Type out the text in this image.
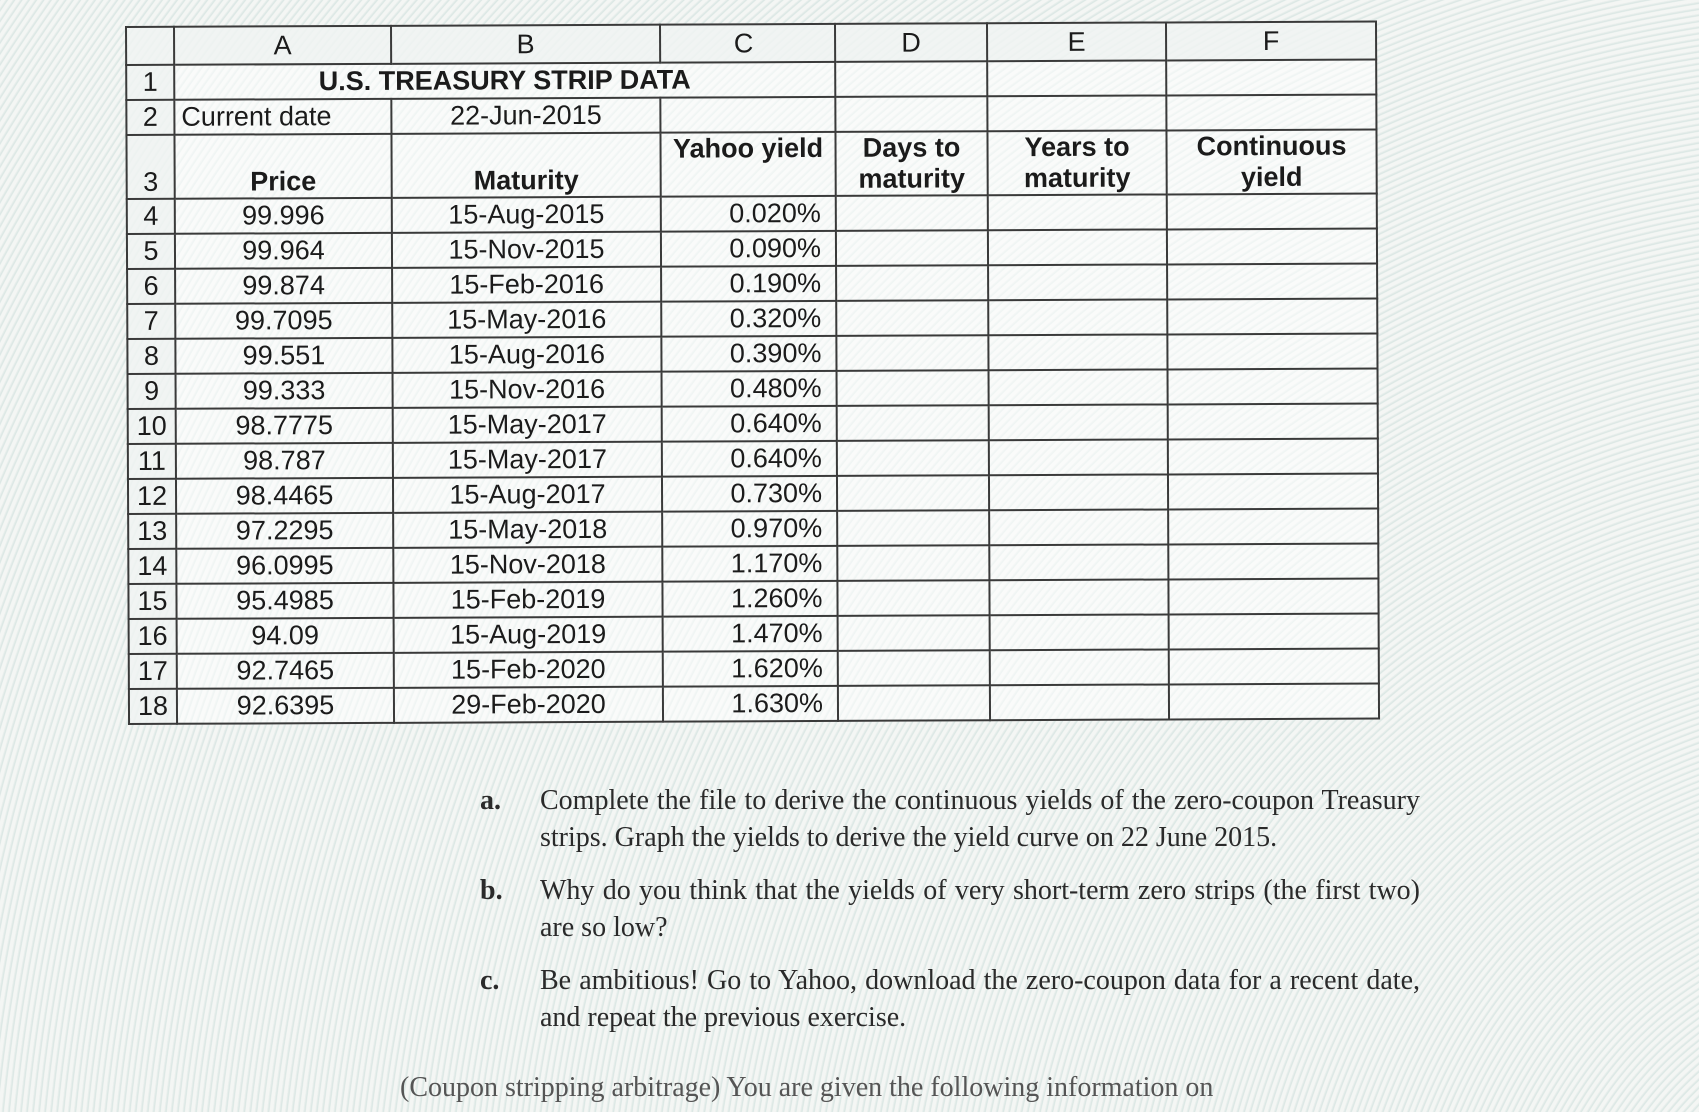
	A	B	C	D	E	F
1	U.S. TREASURY STRIP DATA					
2	Current date	22-Jun-2015				
3	Price	Maturity	Yahoo yield	Days to maturity	Years to maturity	Continuous yield
4	99.996	15-Aug-2015	0.020%			
5	99.964	15-Nov-2015	0.090%			
6	99.874	15-Feb-2016	0.190%			
7	99.7095	15-May-2016	0.320%			
8	99.551	15-Aug-2016	0.390%			
9	99.333	15-Nov-2016	0.480%			
10	98.7775	15-May-2017	0.640%			
11	98.787	15-May-2017	0.640%			
12	98.4465	15-Aug-2017	0.730%			
13	97.2295	15-May-2018	0.970%			
14	96.0995	15-Nov-2018	1.170%			
15	95.4985	15-Feb-2019	1.260%			
16	94.09	15-Aug-2019	1.470%			
17	92.7465	15-Feb-2020	1.620%			
18	92.6395	29-Feb-2020	1.630%			
a.	Complete the file to derive the continuous yields of the zero-coupon Treasury strips. Graph the yields to derive the yield curve on 22 June 2015.
b.	Why do you think that the yields of very short-term zero strips (the first two) are so low?
c.	Be ambitious! Go to Yahoo, download the zero-coupon data for a recent date, and repeat the previous exercise.
(Coupon stripping arbitrage) You are given the following information on
